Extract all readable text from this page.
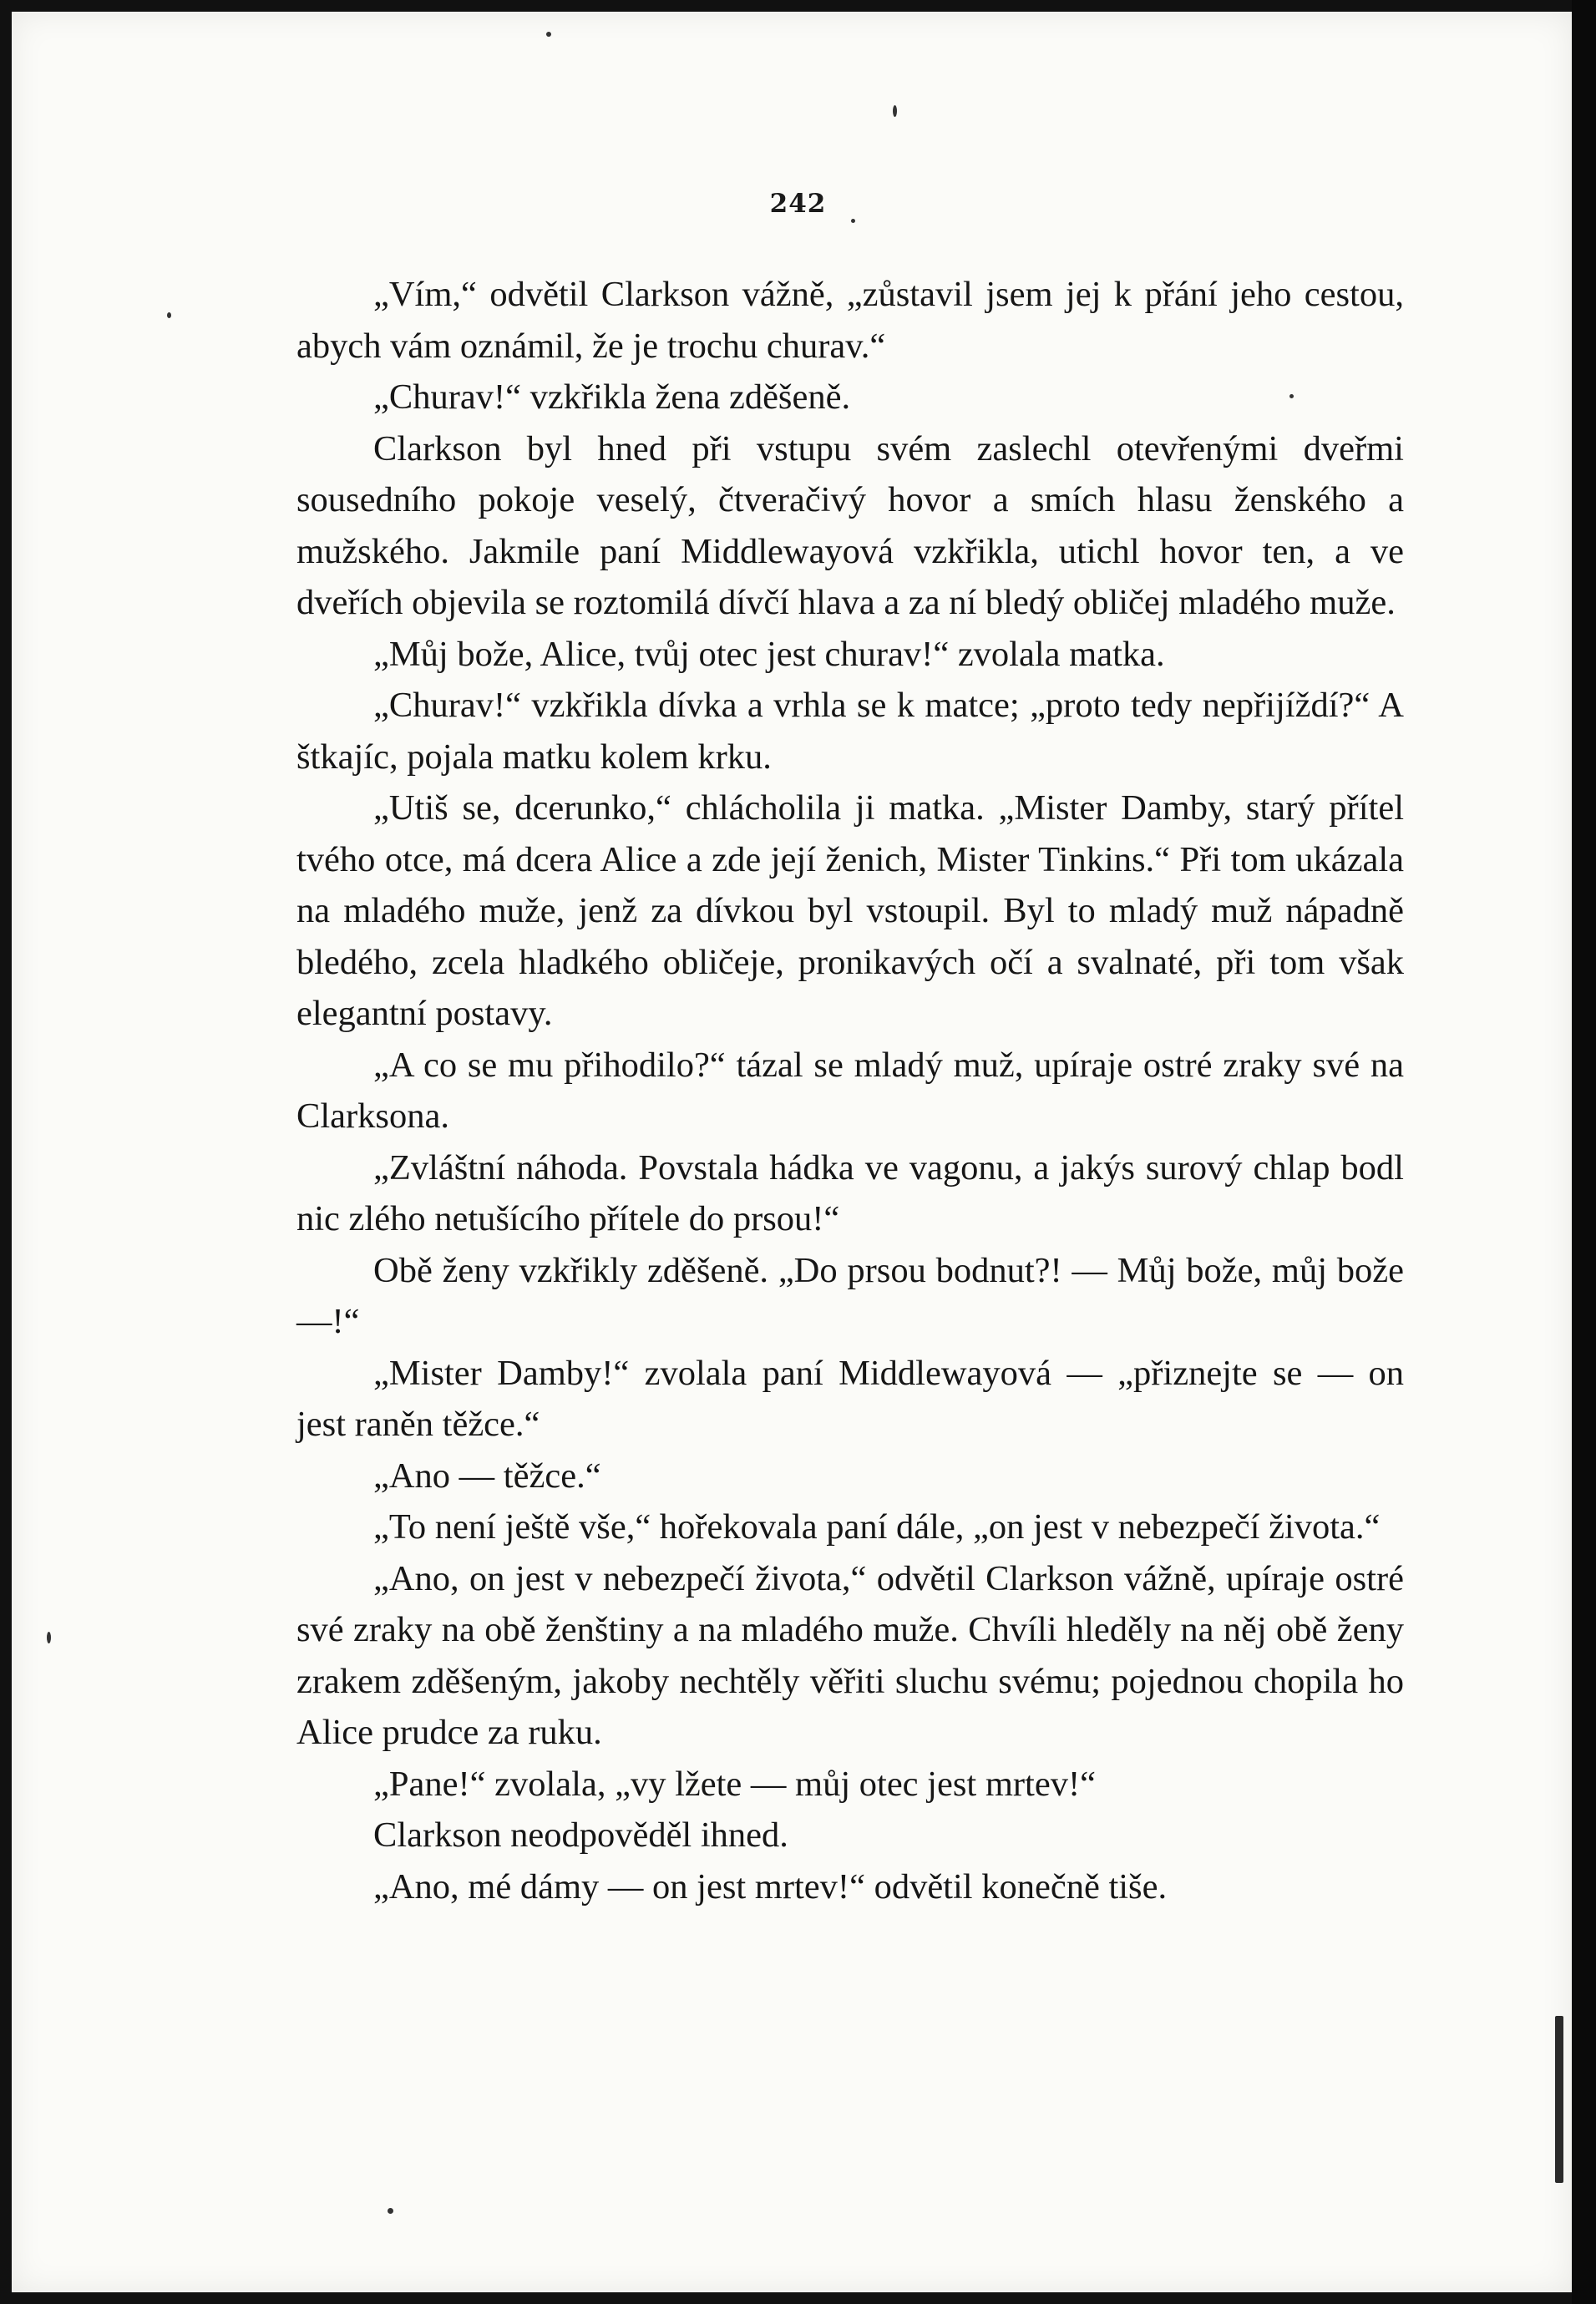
242

„Vím,“ odvětil Clarkson vážně, „zůstavil jsem jej k přání jeho cestou, abych vám oznámil, že je trochu churav.“

„Churav!“ vzkřikla žena zděšeně.

Clarkson byl hned při vstupu svém zaslechl otevřenými dveřmi sousedního pokoje veselý, čtveračivý hovor a smích hlasu ženského a mužského. Jakmile paní Middlewayová vzkřikla, utichl hovor ten, a ve dveřích objevila se roztomilá dívčí hlava a za ní bledý obličej mladého muže.

„Můj bože, Alice, tvůj otec jest churav!“ zvolala matka.

„Churav!“ vzkřikla dívka a vrhla se k matce; „proto tedy nepřijíždí?“ A štkajíc, pojala matku kolem krku.

„Utiš se, dcerunko,“ chlácholila ji matka. „Mister Damby, starý přítel tvého otce, má dcera Alice a zde její ženich, Mister Tinkins.“ Při tom ukázala na mladého muže, jenž za dívkou byl vstoupil. Byl to mladý muž nápadně bledého, zcela hladkého obličeje, pronikavých očí a svalnaté, při tom však elegantní postavy.

„A co se mu přihodilo?“ tázal se mladý muž, upíraje ostré zraky své na Clarksona.

„Zvláštní náhoda. Povstala hádka ve vagonu, a jakýs surový chlap bodl nic zlého netušícího přítele do prsou!“

Obě ženy vzkřikly zděšeně. „Do prsou bodnut?! — Můj bože, můj bože —!“

„Mister Damby!“ zvolala paní Middlewayová — „přiznejte se — on jest raněn těžce.“

„Ano — těžce.“

„To není ještě vše,“ hořekovala paní dále, „on jest v nebezpečí života.“

„Ano, on jest v nebezpečí života,“ odvětil Clarkson vážně, upíraje ostré své zraky na obě ženštiny a na mladého muže. Chvíli hleděly na něj obě ženy zrakem zděšeným, jakoby nechtěly věřiti sluchu svému; pojednou chopila ho Alice prudce za ruku.

„Pane!“ zvolala, „vy lžete — můj otec jest mrtev!“

Clarkson neodpověděl ihned.

„Ano, mé dámy — on jest mrtev!“ odvětil konečně tiše.
